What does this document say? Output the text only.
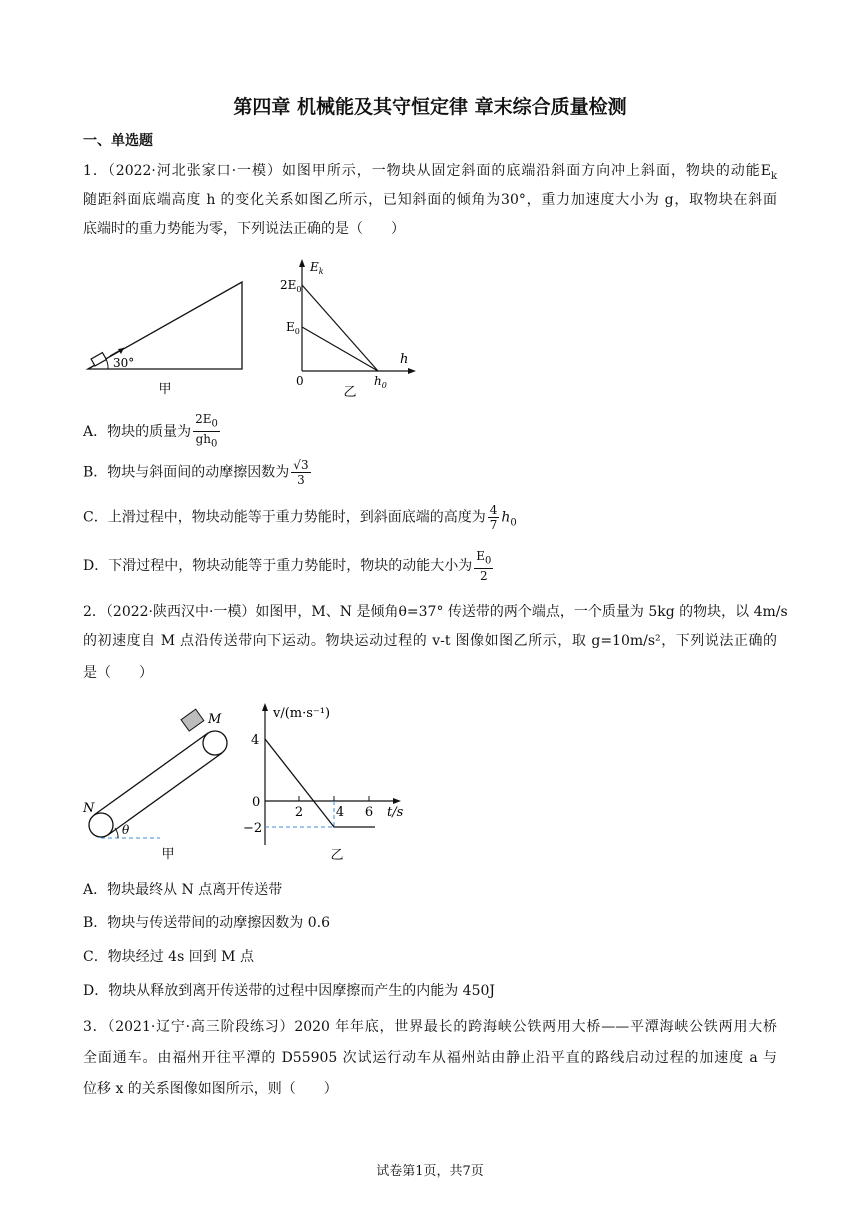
第四章 机械能及其守恒定律 章末综合质量检测
一、单选题
1．（2022·河北张家口·一模）如图甲所示，一物块从固定斜面的底端沿斜面方向冲上斜面，物块的动能$E_k$
随距斜面底端高度 h 的变化关系如图乙所示，已知斜面的倾角为30°，重力加速度大小为 g，取物块在斜面
底端时的重力势能为零，下列说法正确的是（　　）
30°
甲
$E_k$
$2E_0$
$E_0$
h
0	$h_0$
乙
A．物块的质量为 $\frac{2E_0}{gh_0}$
B．物块与斜面间的动摩擦因数为 $\frac{√3}{3}$
C．上滑过程中，物块动能等于重力势能时，到斜面底端的高度为 $\frac{4}{7} h_0$
D．下滑过程中，物块动能等于重力势能时，物块的动能大小为 $\frac{E_0}{2}$
2．（2022·陕西汉中·一模）如图甲，M、N 是倾角θ=37° 传送带的两个端点，一个质量为 5kg 的物块，以 4m/s
的初速度自 M 点沿传送带向下运动。物块运动过程的 v-t 图像如图乙所示，取 g=10m/s²，下列说法正确的
是（　　）
θ
M
N
甲
v/(m·s⁻¹)
4
0
−2
2	4 6 t/s
乙
A．物块最终从 N 点离开传送带
B．物块与传送带间的动摩擦因数为 0.6
C．物块经过 4s 回到 M 点
D．物块从释放到离开传送带的过程中因摩擦而产生的内能为 450J
3．（2021·辽宁·高三阶段练习）2020 年年底，世界最长的跨海峡公铁两用大桥——平潭海峡公铁两用大桥
全面通车。由福州开往平潭的 D55905 次试运行动车从福州站由静止沿平直的路线启动过程的加速度 a 与
位移 x 的关系图像如图所示，则（　　）
试卷第1页，共7页
